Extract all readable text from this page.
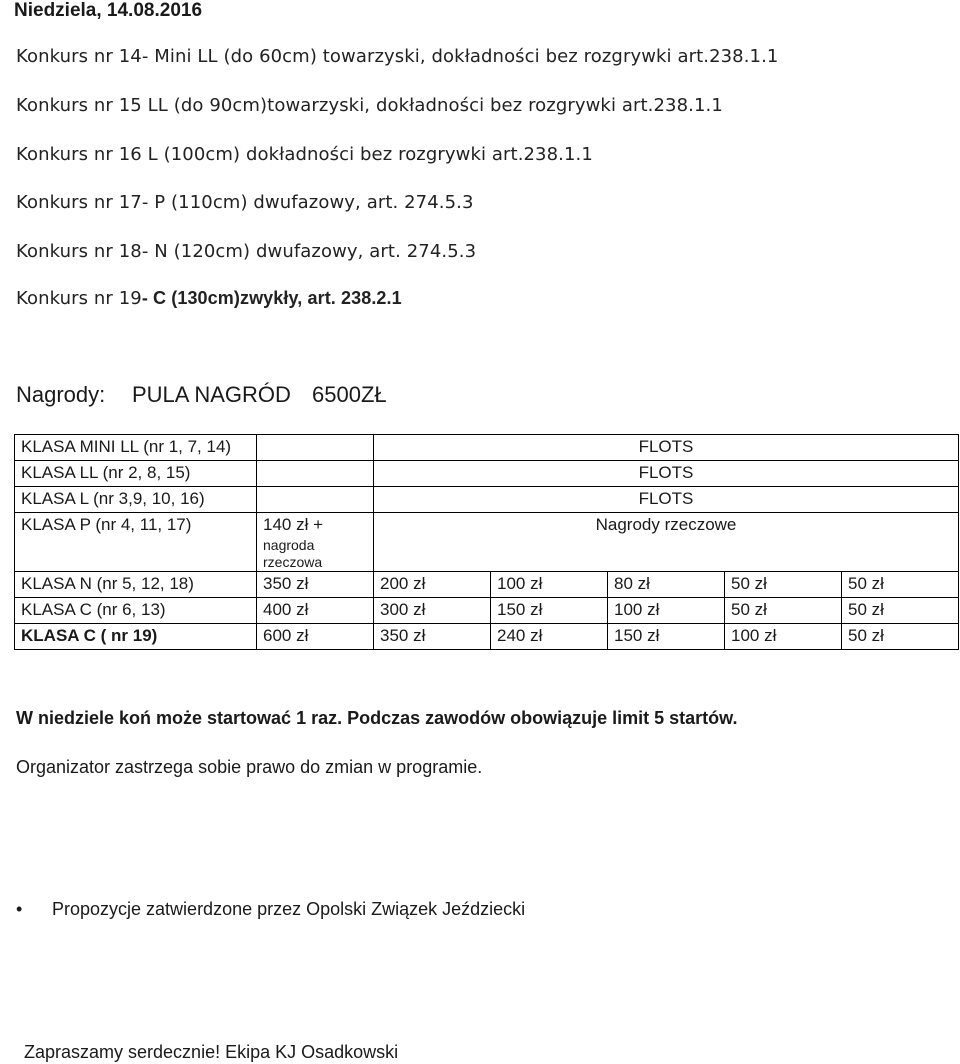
Niedziela, 14.08.2016
Konkurs nr 14- Mini LL (do 60cm) towarzyski, dokładności bez rozgrywki art.238.1.1
Konkurs nr 15 LL (do 90cm)towarzyski, dokładności bez rozgrywki art.238.1.1
Konkurs nr 16 L (100cm) dokładności bez rozgrywki art.238.1.1
Konkurs nr 17- P (110cm) dwufazowy, art. 274.5.3
Konkurs nr 18- N (120cm) dwufazowy, art. 274.5.3
Konkurs nr 19- C (130cm)zwykły, art. 238.2.1
Nagrody: PULA NAGRÓD 6500ZŁ
KLASA MINI LL (nr 1, 7, 14)		FLOTS				
KLASA LL (nr 2, 8, 15)		FLOTS				
KLASA L (nr 3,9, 10, 16)		FLOTS				
KLASA P (nr 4, 11, 17)	140 zł +
nagroda
rzeczowa	Nagrody rzeczowe				
KLASA N (nr 5, 12, 18)	350 zł	200 zł	100 zł	80 zł	50 zł	50 zł
KLASA C (nr 6, 13)	400 zł	300 zł	150 zł	100 zł	50 zł	50 zł
KLASA C ( nr 19)	600 zł	350 zł	240 zł	150 zł	100 zł	50 zł
W niedziele koń może startować 1 raz. Podczas zawodów obowiązuje limit 5 startów.
Organizator zastrzega sobie prawo do zmian w programie.
• Propozycje zatwierdzone przez Opolski Związek Jeździecki
Zapraszamy serdecznie! Ekipa KJ Osadkowski
